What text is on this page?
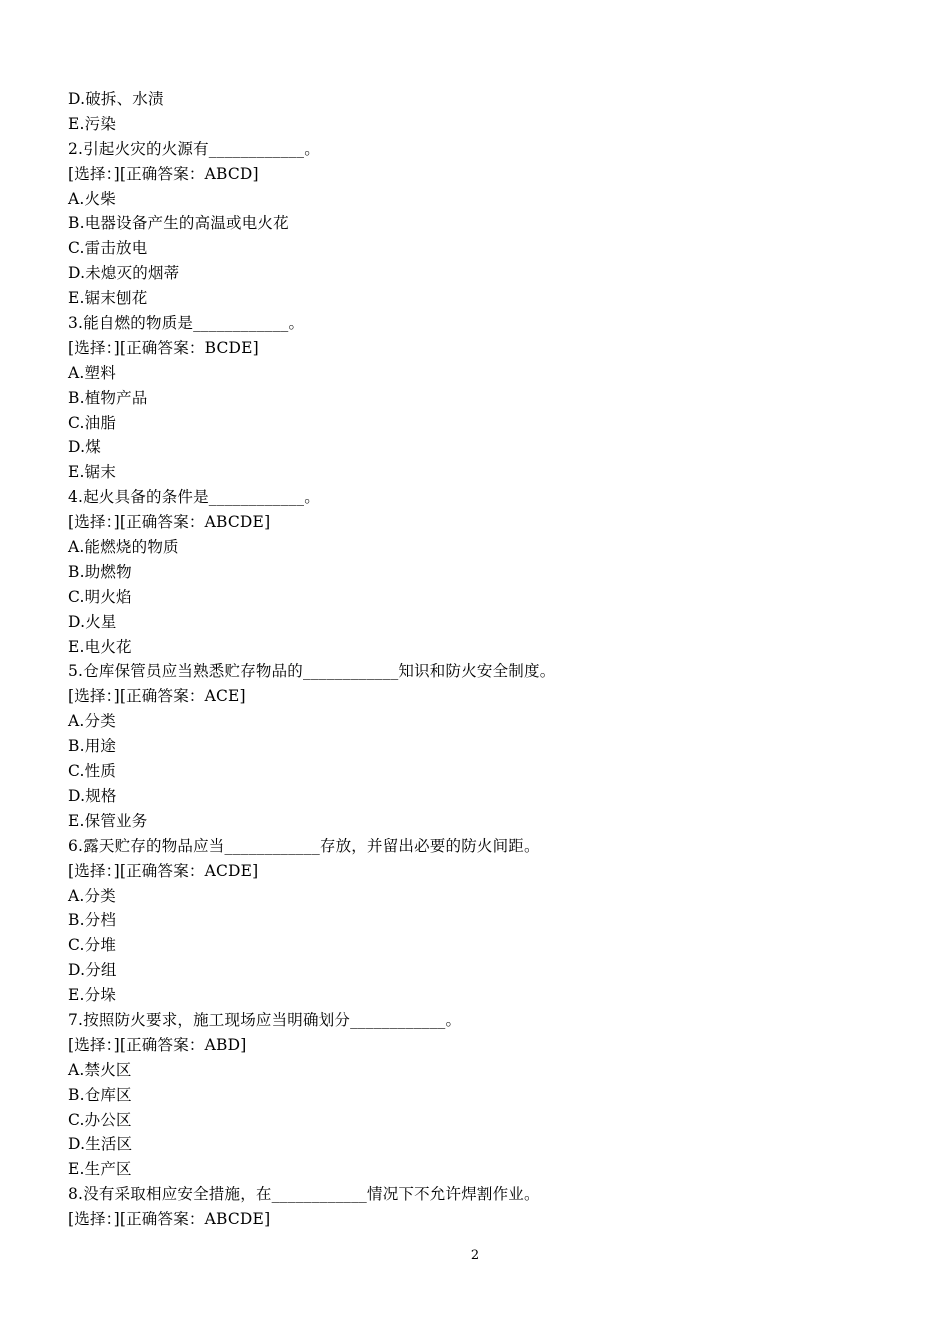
D.破拆、水渍
E.污染
2.引起火灾的火源有____________。
[选择：][正确答案：ABCD]
A.火柴
B.电器设备产生的高温或电火花
C.雷击放电
D.未熄灭的烟蒂
E.锯末刨花
3.能自燃的物质是____________。
[选择：][正确答案：BCDE]
A.塑料
B.植物产品
C.油脂
D.煤
E.锯末
4.起火具备的条件是____________。
[选择：][正确答案：ABCDE]
A.能燃烧的物质
B.助燃物
C.明火焰
D.火星
E.电火花
5.仓库保管员应当熟悉贮存物品的____________知识和防火安全制度。
[选择：][正确答案：ACE]
A.分类
B.用途
C.性质
D.规格
E.保管业务
6.露天贮存的物品应当____________存放，并留出必要的防火间距。
[选择：][正确答案：ACDE]
A.分类
B.分档
C.分堆
D.分组
E.分垛
7.按照防火要求，施工现场应当明确划分____________。
[选择：][正确答案：ABD]
A.禁火区
B.仓库区
C.办公区
D.生活区
E.生产区
8.没有采取相应安全措施，在____________情况下不允许焊割作业。
[选择：][正确答案：ABCDE]
2
